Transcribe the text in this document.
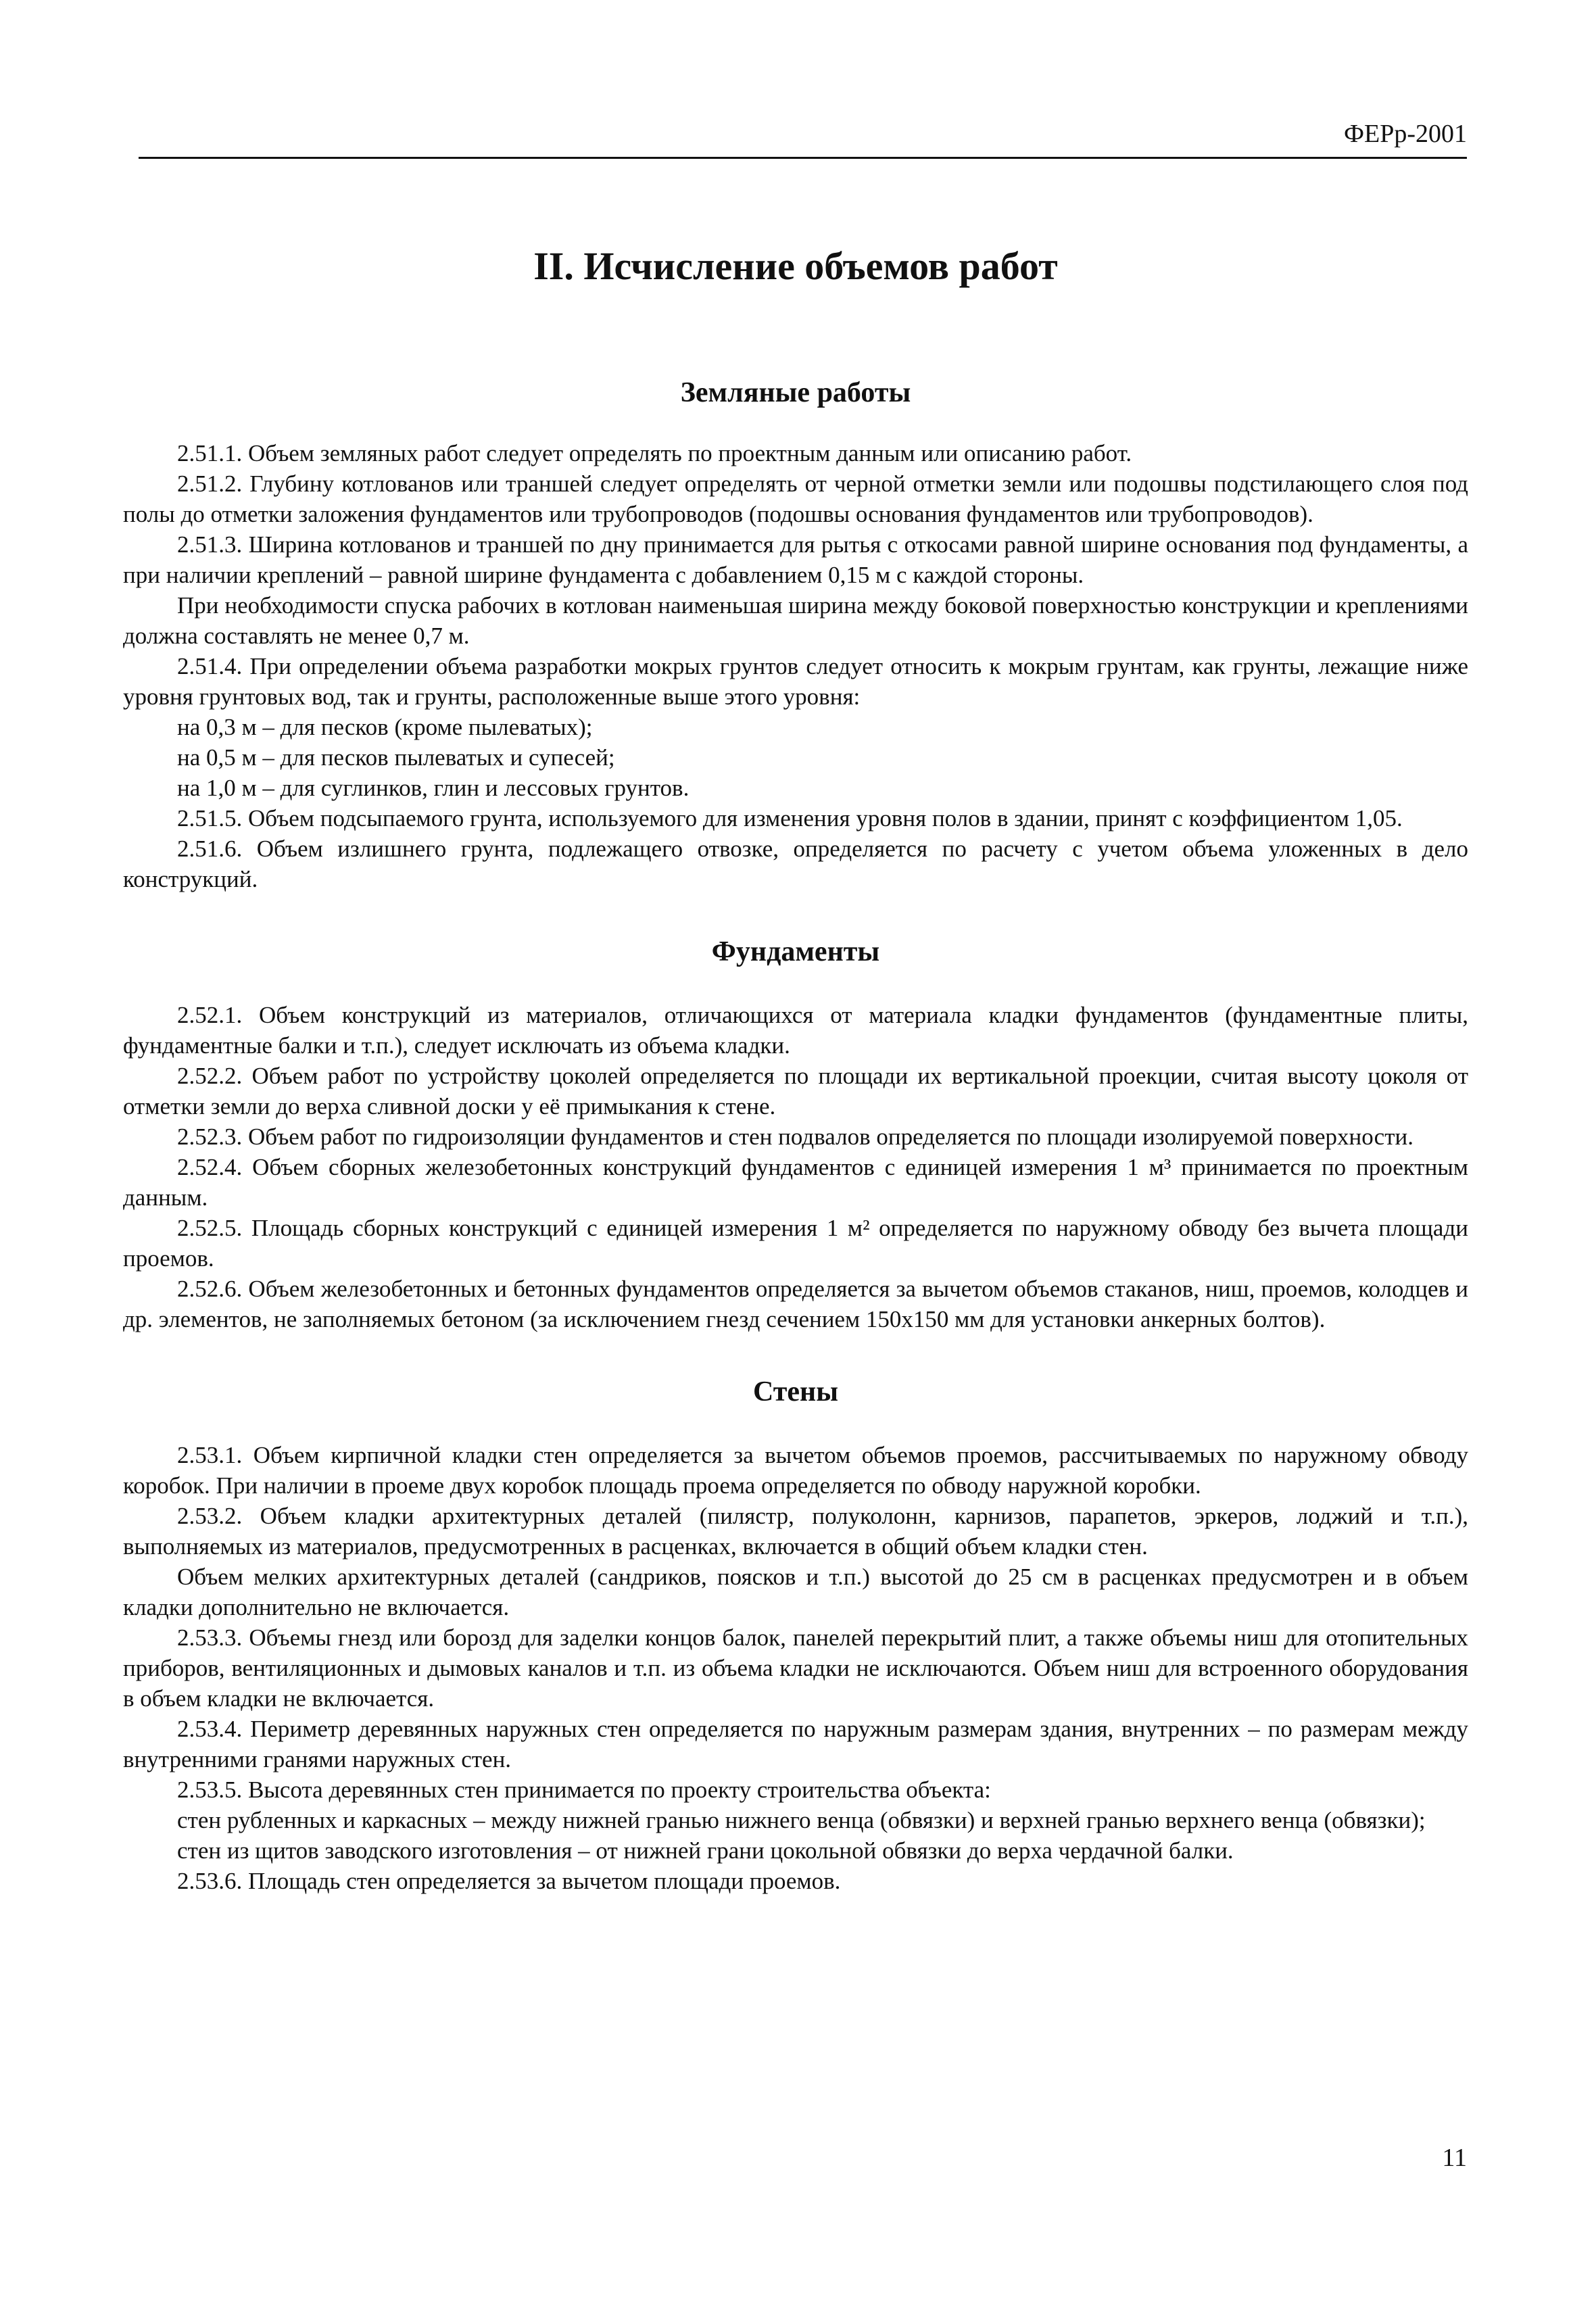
ФЕРр-2001
II. Исчисление объемов работ
Земляные работы

2.51.1. Объем земляных работ следует определять по проектным данным или описанию работ.

2.51.2. Глубину котлованов или траншей следует определять от черной отметки земли или подошвы подстилающего слоя под полы до отметки заложения фундаментов или трубопроводов (подошвы основания фундаментов или трубопроводов).

2.51.3. Ширина котлованов и траншей по дну принимается для рытья с откосами равной ширине основания под фундаменты, а при наличии креплений – равной ширине фундамента с добавлением 0,15 м с каждой стороны.

При необходимости спуска рабочих в котлован наименьшая ширина между боковой поверхностью конструкции и креплениями должна составлять не менее 0,7 м.

2.51.4. При определении объема разработки мокрых грунтов следует относить к мокрым грунтам, как грунты, лежащие ниже уровня грунтовых вод, так и грунты, расположенные выше этого уровня:

на 0,3 м – для песков (кроме пылеватых);

на 0,5 м – для песков пылеватых и супесей;

на 1,0 м – для суглинков, глин и лессовых грунтов.

2.51.5. Объем подсыпаемого грунта, используемого для изменения уровня полов в здании, принят с коэффициентом 1,05.

2.51.6. Объем излишнего грунта, подлежащего отвозке, определяется по расчету с учетом объема уложенных в дело конструкций.

Фундаменты

2.52.1. Объем конструкций из материалов, отличающихся от материала кладки фундаментов (фундаментные плиты, фундаментные балки и т.п.), следует исключать из объема кладки.

2.52.2. Объем работ по устройству цоколей определяется по площади их вертикальной проекции, считая высоту цоколя от отметки земли до верха сливной доски у её примыкания к стене.

2.52.3. Объем работ по гидроизоляции фундаментов и стен подвалов определяется по площади изолируемой поверхности.

2.52.4. Объем сборных железобетонных конструкций фундаментов с единицей измерения 1 м³ принимается по проектным данным.

2.52.5. Площадь сборных конструкций с единицей измерения 1 м² определяется по наружному обводу без вычета площади проемов.

2.52.6. Объем железобетонных и бетонных фундаментов определяется за вычетом объемов стаканов, ниш, проемов, колодцев и др. элементов, не заполняемых бетоном (за исключением гнезд сечением 150х150 мм для установки анкерных болтов).

Стены

2.53.1. Объем кирпичной кладки стен определяется за вычетом объемов проемов, рассчитываемых по наружному обводу коробок. При наличии в проеме двух коробок площадь проема определяется по обводу наружной коробки.

2.53.2. Объем кладки архитектурных деталей (пилястр, полуколонн, карнизов, парапетов, эркеров, лоджий и т.п.), выполняемых из материалов, предусмотренных в расценках, включается в общий объем кладки стен.

Объем мелких архитектурных деталей (сандриков, поясков и т.п.) высотой до 25 см в расценках предусмотрен и в объем кладки дополнительно не включается.

2.53.3. Объемы гнезд или борозд для заделки концов балок, панелей перекрытий плит, а также объемы ниш для отопительных приборов, вентиляционных и дымовых каналов и т.п. из объема кладки не исключаются. Объем ниш для встроенного оборудования в объем кладки не включается.

2.53.4. Периметр деревянных наружных стен определяется по наружным размерам здания, внутренних – по размерам между внутренними гранями наружных стен.

2.53.5. Высота деревянных стен принимается по проекту строительства объекта:

стен рубленных и каркасных – между нижней гранью нижнего венца (обвязки) и верхней гранью верхнего венца (обвязки);

стен из щитов заводского изготовления – от нижней грани цокольной обвязки до верха чердачной балки.

2.53.6. Площадь стен определяется за вычетом площади проемов.

11
